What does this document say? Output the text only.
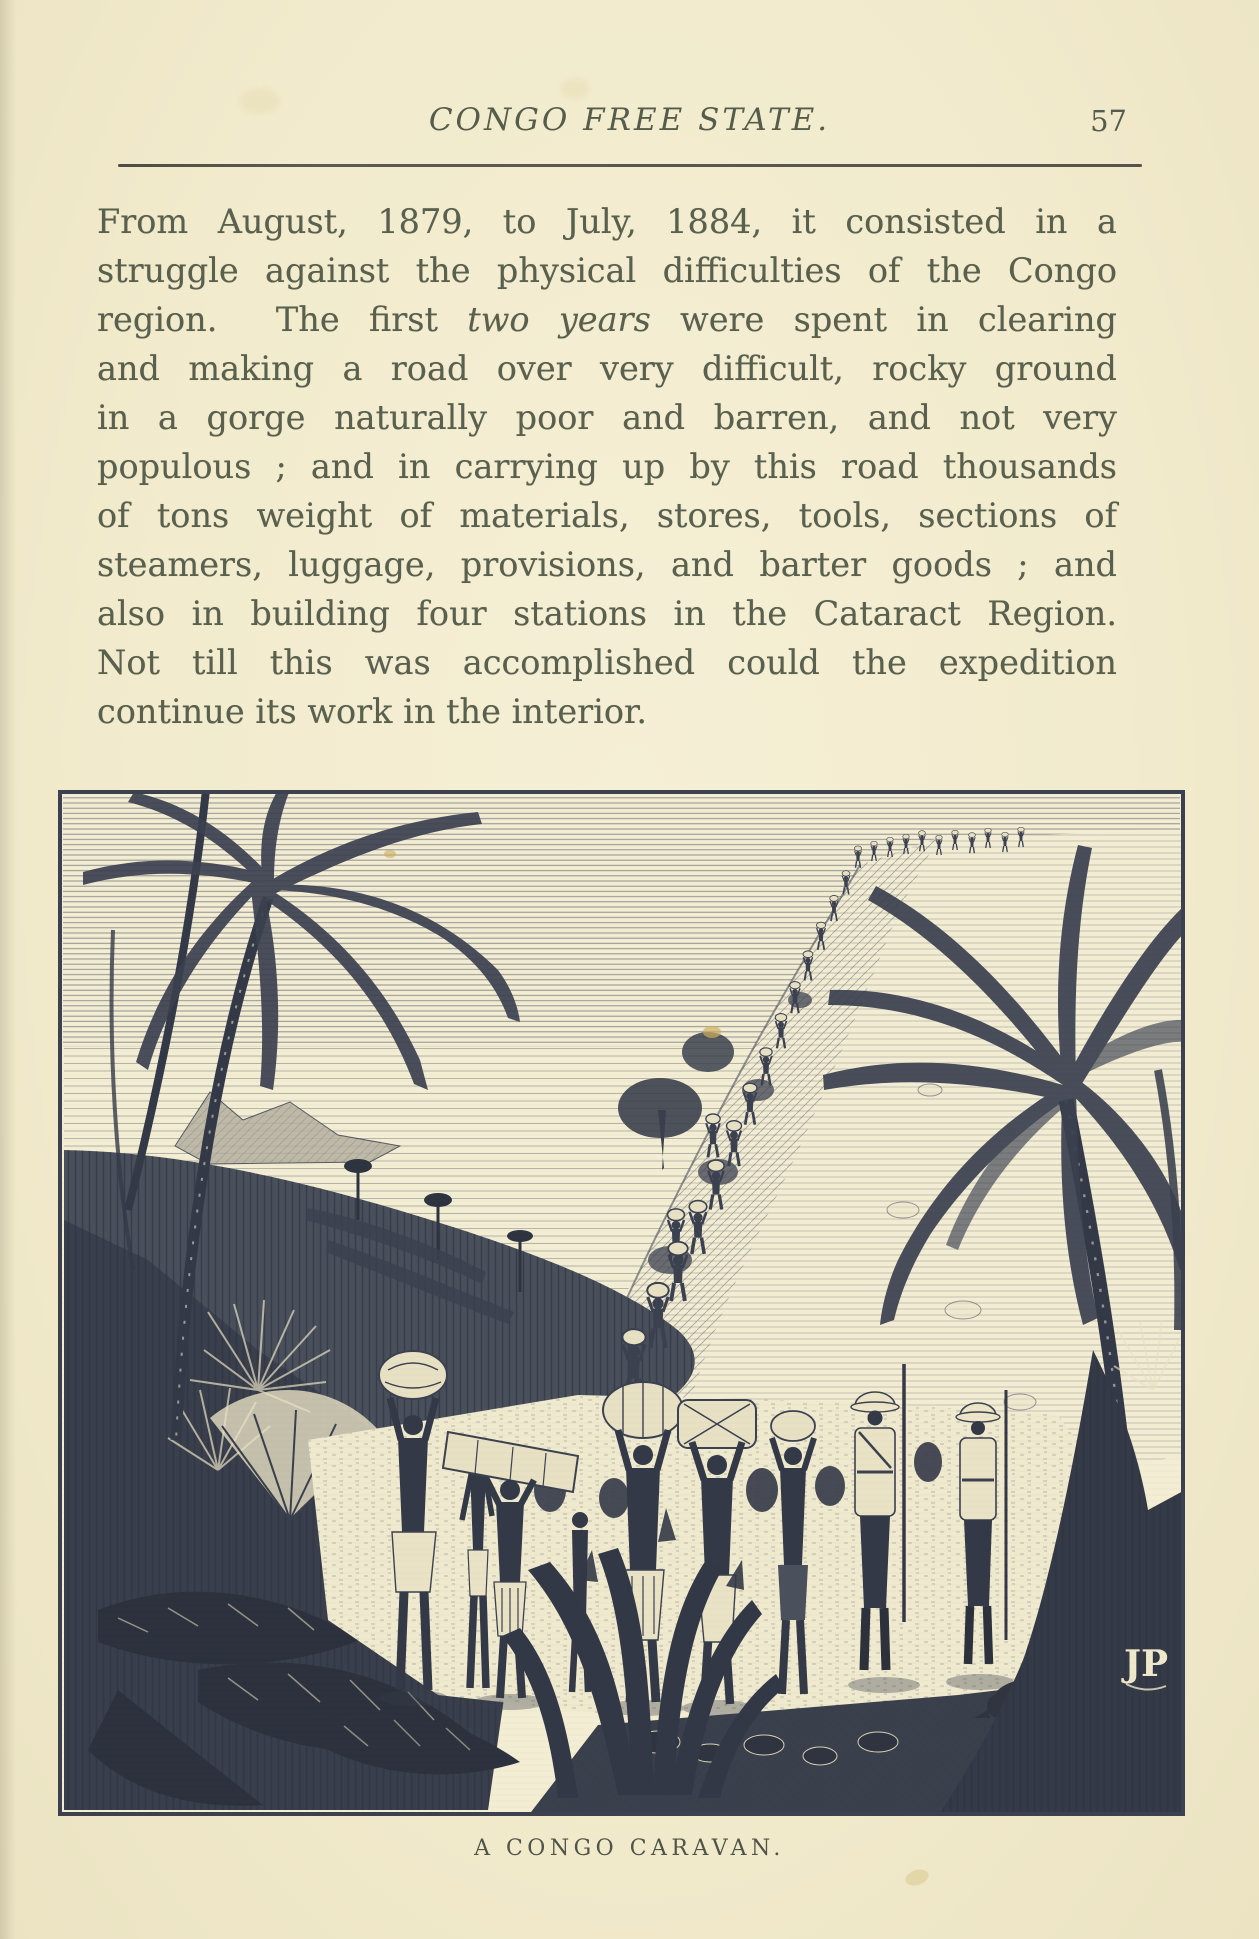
CONGO FREE STATE.	57
From August, 1879, to July, 1884, it consisted in a
struggle against the physical difficulties of the Congo
region.  The first two years were spent in clearing
and making a road over very difficult, rocky ground
in a gorge naturally poor and barren, and not very
populous ; and in carrying up by this road thousands
of tons weight of materials, stores, tools, sections of
steamers, luggage, provisions, and barter goods ; and
also in building four stations in the Cataract Region.
Not till this was accomplished could the expedition
continue its work in the interior.
JP
A CONGO CARAVAN.
